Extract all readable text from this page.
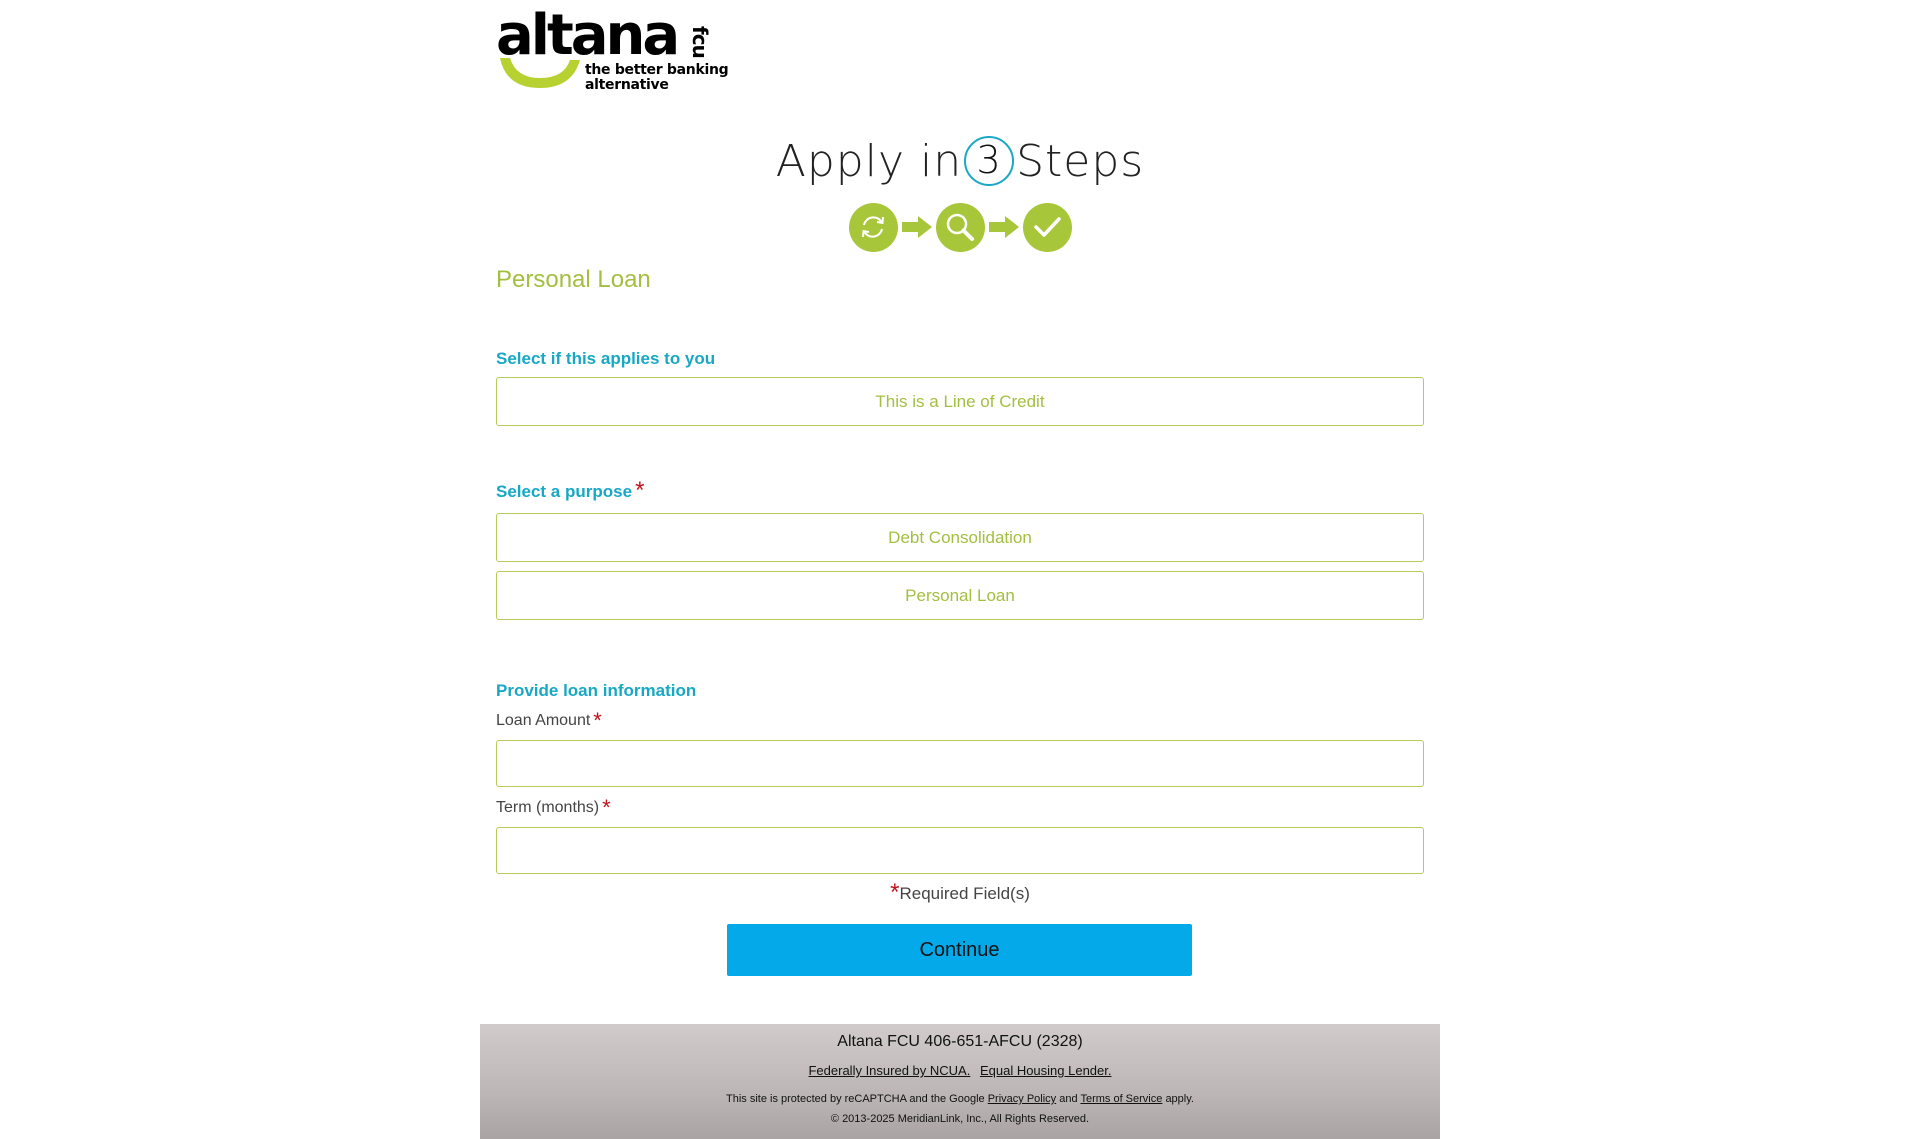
altana fcu
the better banking
alternative
Apply in 3 Steps
Personal Loan
Select if this applies to you
This is a Line of Credit
Select a purpose *
Debt Consolidation
Personal Loan
Provide loan information
Loan Amount *
Term (months) *
*Required Field(s)
Continue
Altana FCU 406-651-AFCU (2328)
Federally Insured by NCUA. Equal Housing Lender.
This site is protected by reCAPTCHA and the Google Privacy Policy and Terms of Service apply.
© 2013-2025 MeridianLink, Inc., All Rights Reserved.
